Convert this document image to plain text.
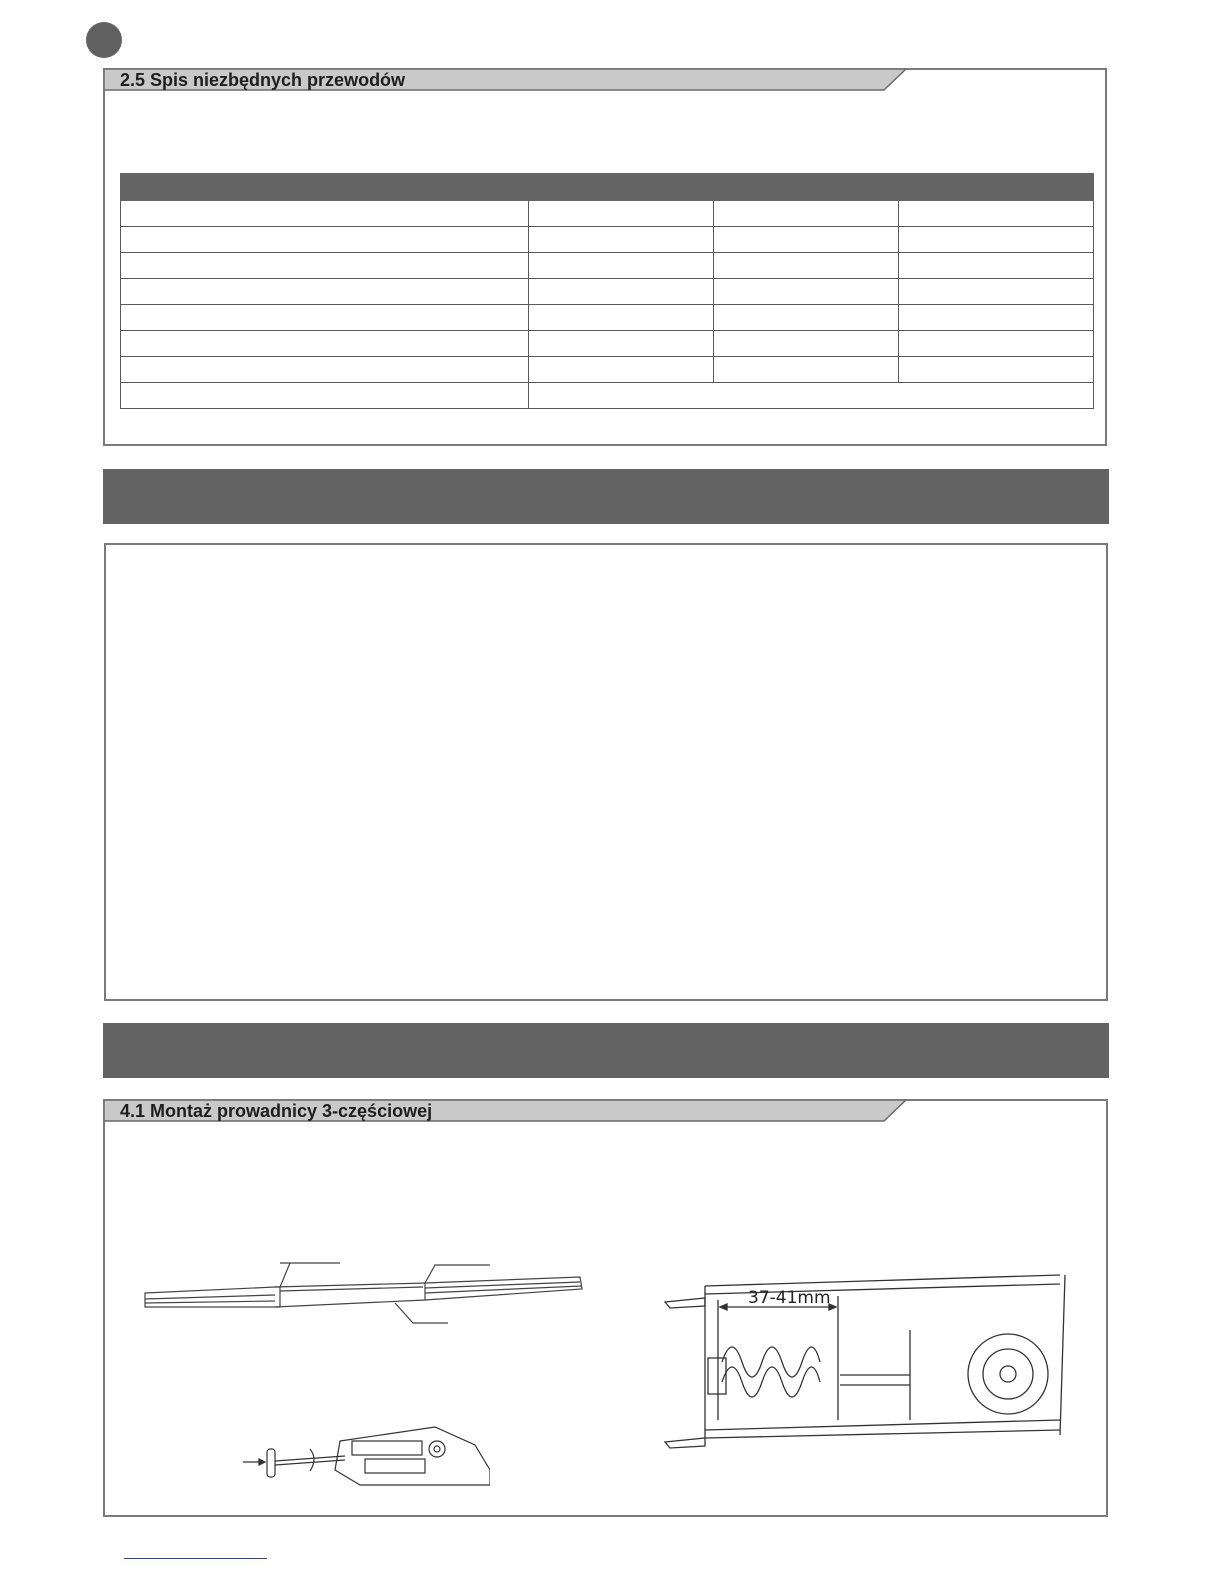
2.5 Spis niezbędnych przewodów

4.1 Montaż prowadnicy 3-częściowej
37-41mm
